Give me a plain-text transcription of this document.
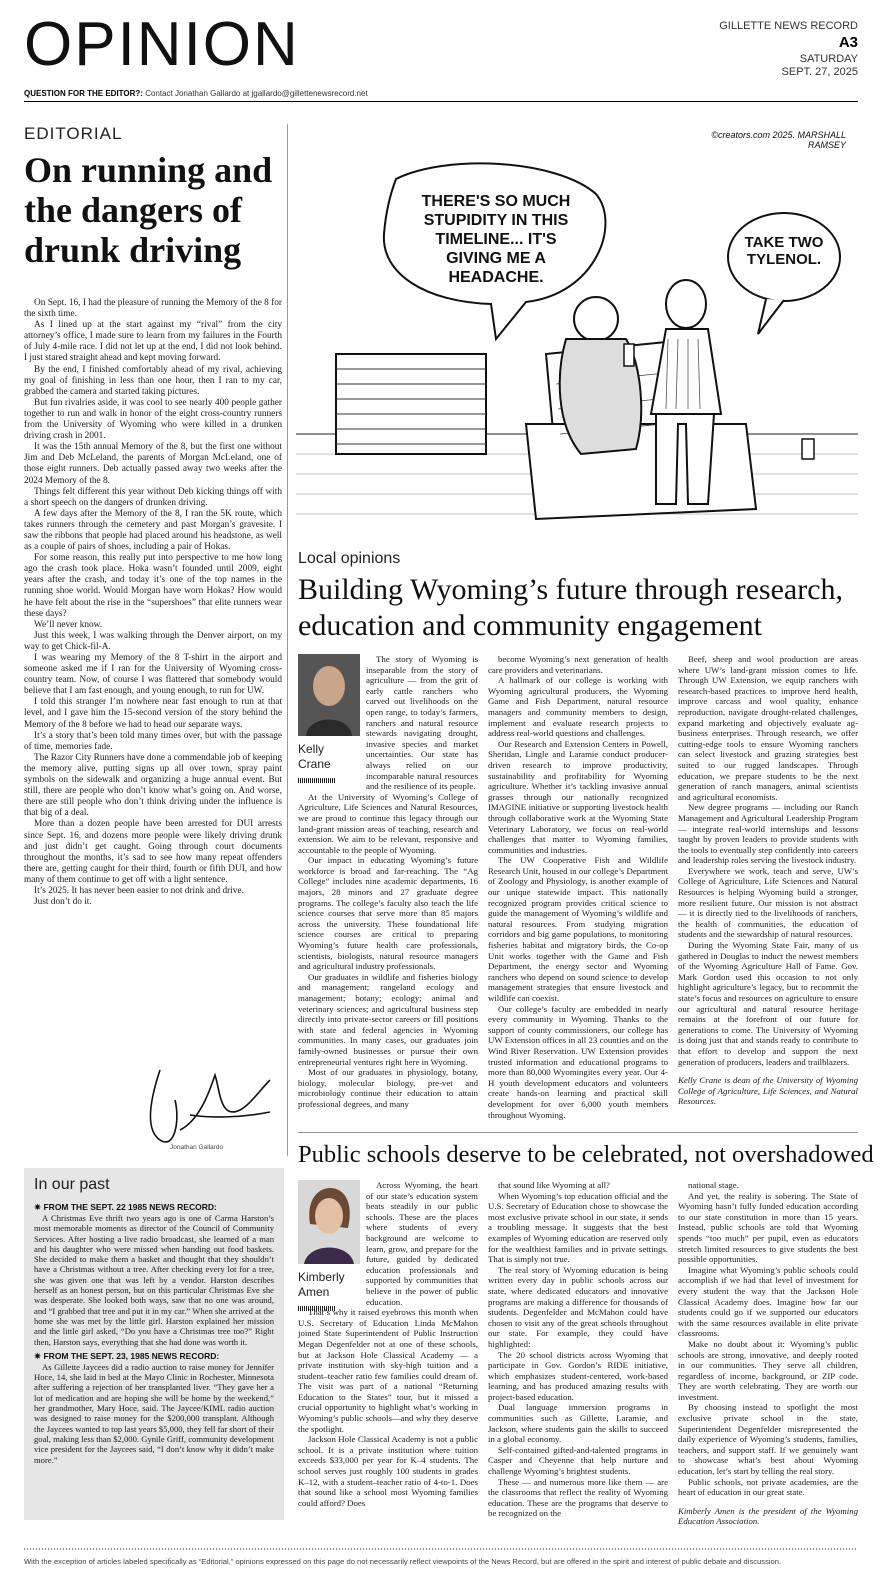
OPINION	GILLETTE NEWS RECORD
A3
SATURDAY
SEPT. 27, 2025
QUESTION FOR THE EDITOR?: Contact Jonathan Gallardo at jgallardo@gillettenewsrecord.net
EDITORIAL
On running and the dangers of drunk driving

On Sept. 16, I had the pleasure of running the Memory of the 8 for the sixth time.

As I lined up at the start against my “rival” from the city attorney’s office, I made sure to learn from my failures in the Fourth of July 4-mile race. I did not let up at the end, I did not look behind. I just stared straight ahead and kept moving forward.

By the end, I finished comfortably ahead of my rival, achieving my goal of finishing in less than one hour, then I ran to my car, grabbed the camera and started taking pictures.

But fun rivalries aside, it was cool to see nearly 400 people gather together to run and walk in honor of the eight cross-country runners from the University of Wyoming who were killed in a drunken driving crash in 2001.

It was the 15th annual Memory of the 8, but the first one without Jim and Deb McLeland, the parents of Morgan McLeland, one of those eight runners. Deb actually passed away two weeks after the 2024 Memory of the 8.

Things felt different this year without Deb kicking things off with a short speech on the dangers of drunken driving.

A few days after the Memory of the 8, I ran the 5K route, which takes runners through the cemetery and past Morgan’s gravesite. I saw the ribbons that people had placed around his headstone, as well as a couple of pairs of shoes, including a pair of Hokas.

For some reason, this really put into perspective to me how long ago the crash took place. Hoka wasn’t founded until 2009, eight years after the crash, and today it’s one of the top names in the running shoe world. Would Morgan have worn Hokas? How would he have felt about the rise in the “supershoes” that elite runners wear these days?

We’ll never know.

Just this week, I was walking through the Denver airport, on my way to get Chick-fil-A.

I was wearing my Memory of the 8 T-shirt in the airport and someone asked me if I ran for the University of Wyoming cross-country team. Now, of course I was flattered that somebody would believe that I am fast enough, and young enough, to run for UW.

I told this stranger I’m nowhere near fast enough to run at that level, and I gave him the 15-second version of the story behind the Memory of the 8 before we had to head our separate ways.

It’s a story that’s been told many times over, but with the passage of time, memories fade.

The Razor City Runners have done a commendable job of keeping the memory alive, putting signs up all over town, spray paint symbols on the sidewalk and organizing a huge annual event. But still, there are people who don’t know what’s going on. And worse, there are still people who don’t think driving under the influence is that big of a deal.

More than a dozen people have been arrested for DUI arrests since Sept. 16, and dozens more people were likely driving drunk and just didn’t get caught. Going through court documents throughout the months, it’s sad to see how many repeat offenders there are, getting caught for their third, fourth or fifth DUI, and how many of them continue to get off with a light sentence.

It’s 2025. It has never been easier to not drink and drive.

Just don’t do it.

Jonathan Gallardo
In our past
✷ FROM THE SEPT. 22 1985 NEWS RECORD:
A Christmas Eve thrift two years ago is one of Carma Harston’s most memorable moments as director of the Council of Community Services. After hosting a live radio broadcast, she learned of a man and his daughter who were missed when handing out food baskets. She decided to make them a basket and thought that they shouldn’t have a Christmas without a tree. After checking every lot for a tree, she was given one that was left by a vendor. Harston describes herself as an honest person, but on this particular Christmas Eve she was desperate. She looked both ways, saw that no one was around, and “I grabbed that tree and put it in my car.” When she arrived at the home she was met by the little girl. Harston explained her mission and the little girl asked, “Do you have a Christmas tree too?” Right then, Harston says, everything that she had done was worth it.
✷ FROM THE SEPT. 23, 1985 NEWS RECORD:
As Gillette Jaycees did a radio auction to raise money for Jennifer Hoce, 14, she laid in bed at the Mayo Clinic in Rochester, Minnesota after suffering a rejection of her transplanted liver. “They gave her a lot of medication and are hoping she will be home by the weekend,” her grandmother, Mary Hoce, said. The Jaycee/KIML radio auction was designed to raise money for the $200,000 transplant. Although the Jaycees wanted to top last years $5,000, they fell far short of their goal, making less than $2,000. Gynile Griff, community development vice president for the Jaycees said, “I don’t know why it didn’t make more.”
©creators.com 2025. MARSHALL RAMSEY
THERE'S SO MUCH STUPIDITY IN THIS TIMELINE... IT'S GIVING ME A HEADACHE.
TAKE TWO TYLENOL.
Local opinions
Building Wyoming’s future through research, education and community engagement
Kelly
Crane

The story of Wyoming is inseparable from the story of agriculture — from the grit of early cattle ranchers who carved out livelihoods on the open range, to today’s farmers, ranchers and natural resource stewards navigating drought, invasive species and market uncertainties. Our state has always relied on our incomparable natural resources and the resilience of its people.

At the University of Wyoming’s College of Agriculture, Life Sciences and Natural Resources, we are proud to continue this legacy through our land-grant mission areas of teaching, research and extension. We aim to be relevant, responsive and accountable to the people of Wyoming.

Our impact in educating Wyoming’s future workforce is broad and far-reaching. The “Ag College” includes nine academic departments, 16 majors, 28 minors and 27 graduate degree programs. The college’s faculty also teach the life science courses that serve more than 85 majors across the university. These foundational life science courses are critical to preparing Wyoming’s future health care professionals, scientists, biologists, natural resource managers and agricultural industry professionals.

Our graduates in wildlife and fisheries biology and management; rangeland ecology and management; botany; ecology; animal and veterinary sciences; and agricultural business step directly into private-sector careers or fill positions with state and federal agencies in Wyoming communities. In many cases, our graduates join family-owned businesses or pursue their own entrepreneurial ventures right here in Wyoming.

Most of our graduates in physiology, botany, biology, molecular biology, pre-vet and microbiology continue their education to attain professional degrees, and many

become Wyoming’s next generation of health care providers and veterinarians.

A hallmark of our college is working with Wyoming agricultural producers, the Wyoming Game and Fish Department, natural resource managers and community members to design, implement and evaluate research projects to address real-world questions and challenges.

Our Research and Extension Centers in Powell, Sheridan, Lingle and Laramie conduct producer-driven research to improve productivity, sustainability and profitability for Wyoming agriculture. Whether it’s tackling invasive annual grasses through our nationally recognized IMAGINE initiative or supporting livestock health through collaborative work at the Wyoming State Veterinary Laboratory, we focus on real-world challenges that matter to Wyoming families, communities and industries.

The UW Cooperative Fish and Wildlife Research Unit, housed in our college’s Department of Zoology and Physiology, is another example of our unique statewide impact. This nationally recognized program provides critical science to guide the management of Wyoming’s wildlife and natural resources. From studying migration corridors and big game populations, to monitoring fisheries habitat and migratory birds, the Co-op Unit works together with the Game and Fish Department, the energy sector and Wyoming ranchers who depend on sound science to develop management strategies that ensure livestock and wildlife can coexist.

Our college’s faculty are embedded in nearly every community in Wyoming. Thanks to the support of county commissioners, our college has UW Extension offices in all 23 counties and on the Wind River Reservation. UW Extension provides trusted information and educational programs to more than 80,000 Wyomingites every year. Our 4-H youth development educators and volunteers create hands-on learning and practical skill development for over 6,000 youth members throughout Wyoming.

Beef, sheep and wool production are areas where UW’s land-grant mission comes to life. Through UW Extension, we equip ranchers with research-based practices to improve herd health, improve carcass and wool quality, enhance reproduction, navigate drought-related challenges, expand marketing and objectively evaluate ag-business enterprises. Through research, we offer cutting-edge tools to ensure Wyoming ranchers can select livestock and grazing strategies best suited to our rugged landscapes. Through education, we prepare students to be the next generation of ranch managers, animal scientists and agricultural economists.

New degree programs — including our Ranch Management and Agricultural Leadership Program — integrate real-world internships and lessons taught by proven leaders to provide students with the tools to eventually step confidently into careers and leadership roles serving the livestock industry.

Everywhere we work, teach and serve, UW’s College of Agriculture, Life Sciences and Natural Resources is helping Wyoming build a stronger, more resilient future. Our mission is not abstract — it is directly tied to the livelihoods of ranchers, the health of communities, the education of students and the stewardship of natural resources.

During the Wyoming State Fair, many of us gathered in Douglas to induct the newest members of the Wyoming Agriculture Hall of Fame. Gov. Mark Gordon used this occasion to not only highlight agriculture’s legacy, but to recommit the state’s focus and resources on agriculture to ensure our agricultural and natural resource heritage remains at the forefront of our future for generations to come. The University of Wyoming is doing just that and stands ready to contribute to that effort to develop and support the next generation of producers, leaders and trailblazers.

Kelly Crane is dean of the University of Wyoming College of Agriculture, Life Sciences, and Natural Resources.

Public schools deserve to be celebrated, not overshadowed
Kimberly
Amen

Across Wyoming, the heart of our state’s education system beats steadily in our public schools. These are the places where students of every background are welcome to learn, grow, and prepare for the future, guided by dedicated education professionals and supported by communities that believe in the power of public education.

That’s why it raised eyebrows this month when U.S. Secretary of Education Linda McMahon joined State Superintendent of Public Instruction Megan Degenfelder not at one of these schools, but at Jackson Hole Classical Academy — a private institution with sky-high tuition and a student–teacher ratio few families could dream of. The visit was part of a national “Returning Education to the States” tour, but it missed a crucial opportunity to highlight what’s working in Wyoming’s public schools—and why they deserve the spotlight.

Jackson Hole Classical Academy is not a public school. It is a private institution where tuition exceeds $33,000 per year for K–4 students. The school serves just roughly 100 students in grades K–12, with a student–teacher ratio of 4-to-1. Does that sound like a school most Wyoming families could afford? Does

that sound like Wyoming at all?

When Wyoming’s top education official and the U.S. Secretary of Education chose to showcase the most exclusive private school in our state, it sends a troubling message. It suggests that the best examples of Wyoming education are reserved only for the wealthiest families and in private settings. That is simply not true.

The real story of Wyoming education is being written every day in public schools across our state, where dedicated educators and innovative programs are making a difference for thousands of students. Degenfelder and McMahon could have chosen to visit any of the great schools throughout our state. For example, they could have highlighted:

The 20 school districts across Wyoming that participate in Gov. Gordon’s RIDE initiative, which emphasizes student-centered, work-based learning, and has produced amazing results with project-based education.

Dual language immersion programs in communities such as Gillette, Laramie, and Jackson, where students gain the skills to succeed in a global economy.

Self-contained gifted-and-talented programs in Casper and Cheyenne that help nurture and challenge Wyoming’s brightest students.

These — and numerous more like them — are the classrooms that reflect the reality of Wyoming education. These are the programs that deserve to be recognized on the

national stage.

And yet, the reality is sobering. The State of Wyoming hasn’t fully funded education according to our state constitution in more than 15 years. Instead, public schools are told that Wyoming spends “too much” per pupil, even as educators stretch limited resources to give students the best possible opportunities.

Imagine what Wyoming’s public schools could accomplish if we had that level of investment for every student the way that the Jackson Hole Classical Academy does. Imagine how far our students could go if we supported our educators with the same resources available in elite private classrooms.

Make no doubt about it: Wyoming’s public schools are strong, innovative, and deeply rooted in our communities. They serve all children, regardless of income, background, or ZIP code. They are worth celebrating. They are worth our investment.

By choosing instead to spotlight the most exclusive private school in the state, Superintendent Degenfelder misrepresented the daily experience of Wyoming’s students, families, teachers, and support staff. If we genuinely want to showcase what’s best about Wyoming education, let’s start by telling the real story.

Public schools, not private academies, are the heart of education in our great state.

Kimberly Amen is the president of the Wyoming Education Association.

With the exception of articles labeled specifically as “Editorial,” opinions expressed on this page do not necessarily reflect viewpoints of the News Record, but are offered in the spirit and interest of public debate and discussion.
